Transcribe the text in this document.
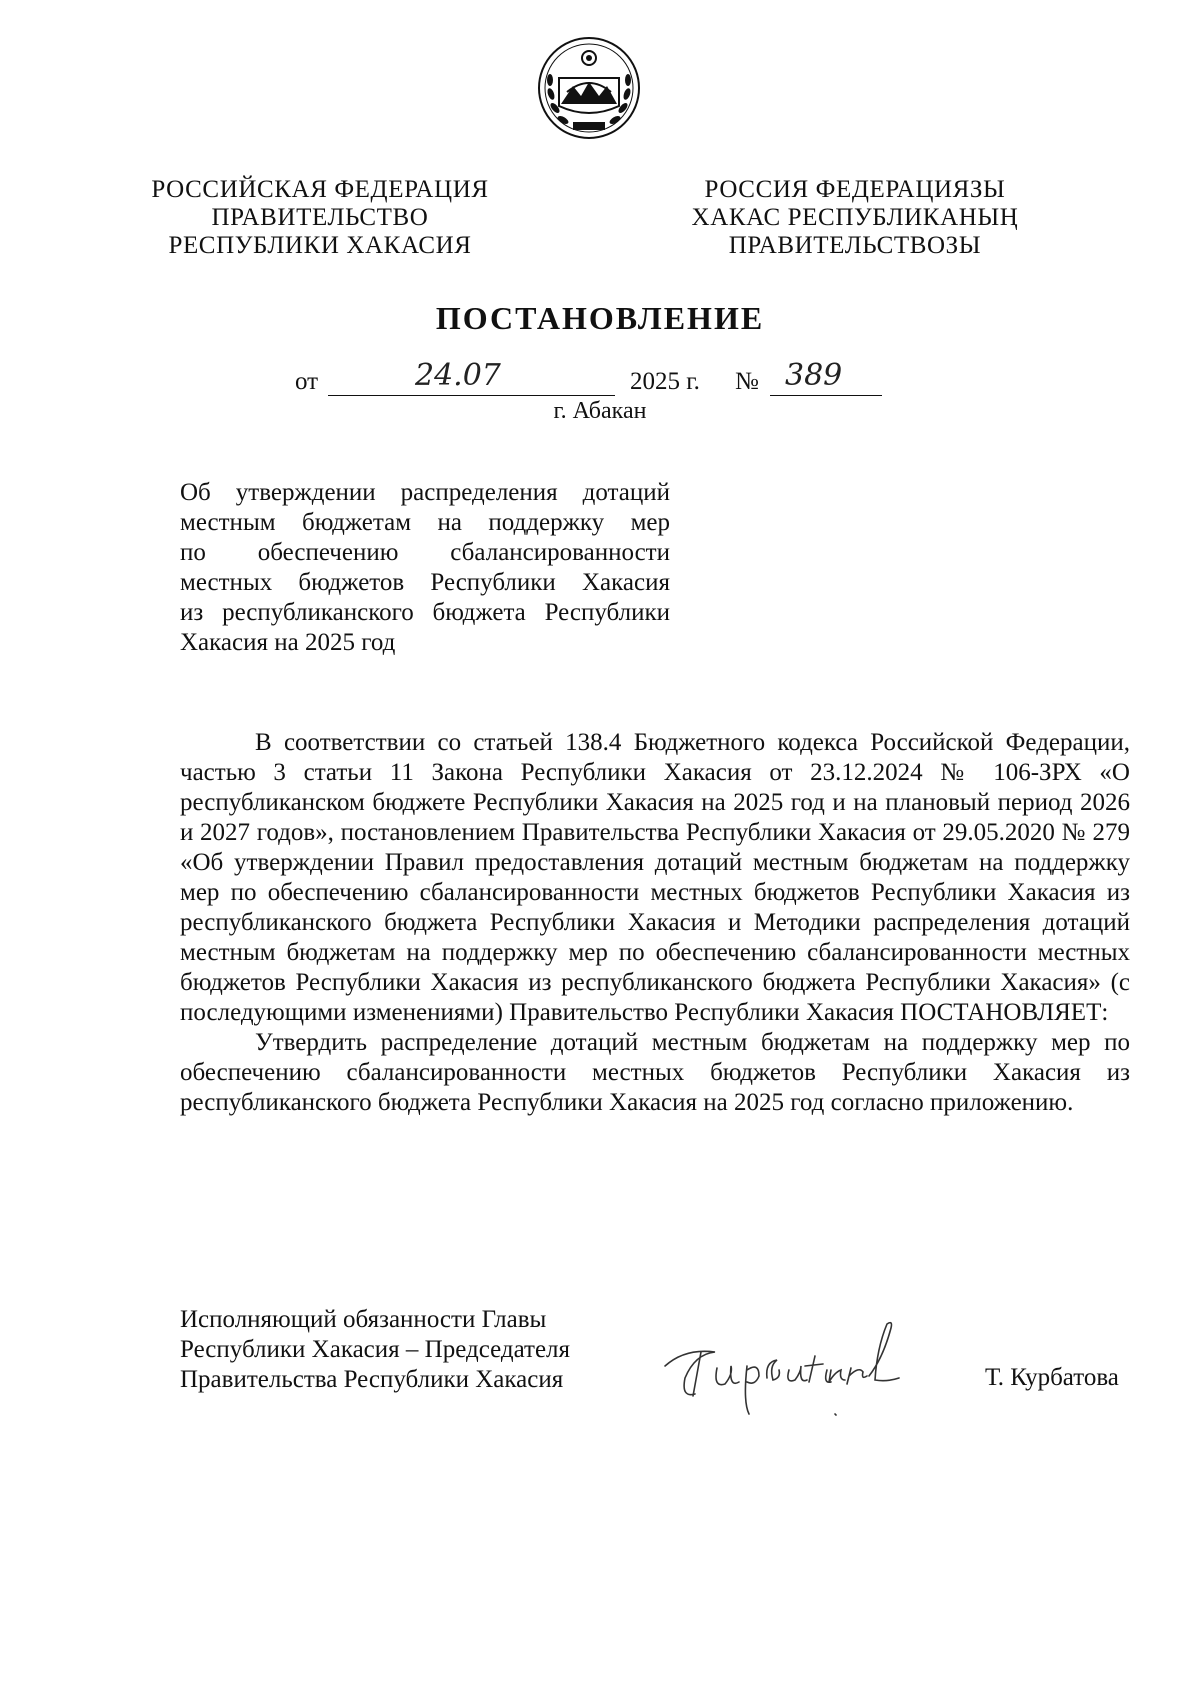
РОССИЙСКАЯ ФЕДЕРАЦИЯ
ПРАВИТЕЛЬСТВО
РЕСПУБЛИКИ ХАКАСИЯ
РОССИЯ ФЕДЕРАЦИЯЗЫ
ХАКАС РЕСПУБЛИКАНЫҢ
ПРАВИТЕЛЬСТВОЗЫ
ПОСТАНОВЛЕНИЕ
от	24.07	2025 г. № 389
г. Абакан
Об утверждении распределения дотаций
местным бюджетам на поддержку мер
по обеспечению сбалансированности
местных бюджетов Республики Хакасия
из республиканского бюджета Республики
Хакасия на 2025 год

В соответствии со статьей 138.4 Бюджетного кодекса Российской Федерации, частью 3 статьи 11 Закона Республики Хакасия от 23.12.2024 № 106-ЗРХ «О республиканском бюджете Республики Хакасия на 2025 год и на плановый период 2026 и 2027 годов», постановлением Правительства Республики Хакасия от 29.05.2020 № 279 «Об утверждении Правил предоставления дотаций местным бюджетам на поддержку мер по обеспечению сбалансированности местных бюджетов Республики Хакасия из республиканского бюджета Республики Хакасия и Методики распределения дотаций местным бюджетам на поддержку мер по обеспечению сбалансированности местных бюджетов Республики Хакасия из республиканского бюджета Республики Хакасия» (с последующими изменениями) Правительство Республики Хакасия ПОСТАНОВЛЯЕТ:

Утвердить распределение дотаций местным бюджетам на поддержку мер по обеспечению сбалансированности местных бюджетов Республики Хакасия из республиканского бюджета Республики Хакасия на 2025 год согласно приложению.

Исполняющий обязанности Главы
Республики Хакасия – Председателя
Правительства Республики Хакасия	Т. Курбатова
